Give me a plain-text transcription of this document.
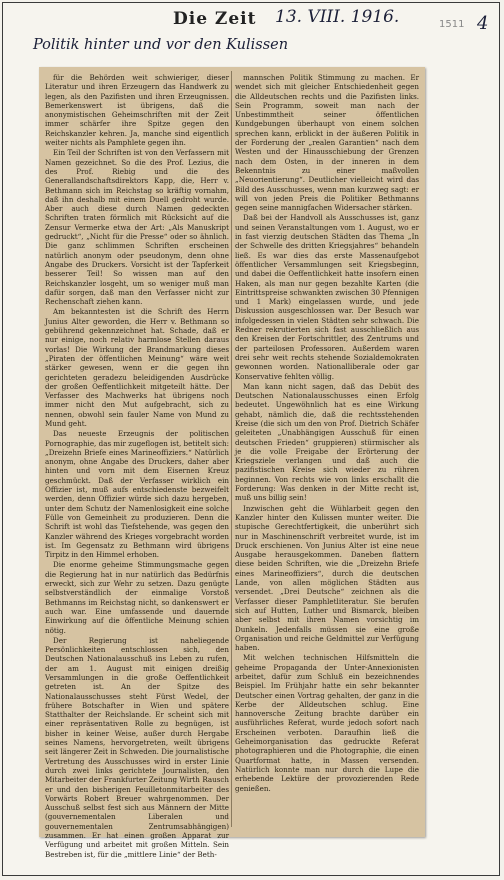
Die Zeit	13. VIII. 1916.	1511 4
Politik hinter und vor den Kulissen

für die Behörden weit schwieriger, dieser Literatur und ihren Erzeugern das Handwerk zu legen, als den Pazifisten und ihren Erzeugnissen. Bemerkenswert ist übrigens, daß die anonymistischen Geheimschriften mit der Zeit immer schärfer ihre Spitze gegen den Reichskanzler kehren. Ja, manche sind eigentlich weiter nichts als Pamphlete gegen ihn.

Ein Teil der Schriften ist von den Verfassern mit Namen gezeichnet. So die des Prof. Lezius, die des Prof. Riebig und die des Generallandschaftsdirektors Kapp, die, Herr v. Bethmann sich im Reichstag so kräftig vornahm, daß ihn deshalb mit einem Duell gedroht wurde. Aber auch diese durch Namen gedeckten Schriften traten förmlich mit Rücksicht auf die Zensur Vermerke etwa der Art: „Als Manuskript gedruckt“, „Nicht für die Presse“ oder so ähnlich. Die ganz schlimmen Schriften erscheinen natürlich anonym oder pseudonym, denn ohne Angabe des Druckers. Vorsicht ist der Tapferkeit besserer Teil! So wissen man auf den Reichskanzler losgeht, um so weniger muß man dafür sorgen, daß man den Verfasser nicht zur Rechenschaft ziehen kann.

Am bekanntesten ist die Schrift des Herrn Junius Alter geworden, die Herr v. Bethmann so gebührend gekennzeichnet hat. Schade, daß er nur einige, noch relativ harmlose Stellen daraus vorlas! Die Wirkung der Brandmarkung dieses „Piraten der öffentlichen Meinung“ wäre weit stärker gewesen, wenn er die gegen ihn gerichteten geradezu beleidigenden Ausdrücke der großen Oeffentlichkeit mitgeteilt hätte. Der Verfasser des Machwerks hat übrigens noch immer nicht den Mut aufgebracht, sich zu nennen, obwohl sein fauler Name von Mund zu Mund geht.

Das neueste Erzeugnis der politischen Pornographie, das mir zugeflogen ist, betitelt sich: „Dreizehn Briefe eines Marineoffiziers.“ Natürlich anonym, ohne Angabe des Druckers, daher aber hinten und vorn mit dem Eisernen Kreuz geschmückt. Daß der Verfasser wirklich ein Offizier ist, muß aufs entschiedenste bezweifelt werden, denn Offizier würde sich dazu hergeben, unter dem Schutz der Namenlosigkeit eine solche Fülle von Gemeinheit zu produzieren. Denn die Schrift ist wohl das Tiefstehende, was gegen den Kanzler während des Krieges vorgebracht worden ist. Im Gegensatz zu Bethmann wird übrigens Tirpitz in den Himmel erhoben.

Die enorme geheime Stimmungsmache gegen die Regierung hat in nur natürlich das Bedürfnis erweckt, sich zur Wehr zu setzen. Dazu genügte selbstverständlich der einmalige Vorstoß Bethmanns im Reichstag nicht, so dankenswert er auch war. Eine umfassende und dauernde Einwirkung auf die öffentliche Meinung schien nötig.

Der Regierung ist naheliegende Persönlichkeiten entschlossen sich, den Deutschen Nationalausschuß ins Leben zu rufen, der am 1. August mit einigen dreißig Versammlungen in die große Oeffentlichkeit getreten ist. An der Spitze des Nationalausschusses steht Fürst Wedel, der frühere Botschafter in Wien und spätere Statthalter der Reichslande. Er scheint sich mit einer repräsentativen Rolle zu begnügen, ist bisher in keiner Weise, außer durch Hergabe seines Namens, hervorgetreten, weilt übrigens seit längerer Zeit in Schweden. Die journalistische Vertretung des Ausschusses wird in erster Linie durch zwei links gerichtete Journalisten, den Mitarbeiter der Frankfurter Zeitung Wirth Rausch er und den bisherigen Feuilletonmitarbeiter des Vorwärts Robert Breuer wahrgenommen. Der Ausschuß selbst fest sich aus Männern der Mitte (gouvernementalen Liberalen und gouvernementalen Zentrumsabhängigen) zusammen. Er hat einen großen Apparat zur Verfügung und arbeitet mit großen Mitteln. Sein Bestreben ist, für die „mittlere Linie“ der Beth-

mannschen Politik Stimmung zu machen. Er wendet sich mit gleicher Entschiedenheit gegen die Alldeutschen rechts und die Pazifisten links. Sein Programm, soweit man nach der Unbestimmtheit seiner öffentlichen Kundgebungen überhaupt von einem solchen sprechen kann, erblickt in der äußeren Politik in der Forderung der „realen Garantien“ nach dem Westen und der Hinausschiebung der Grenzen nach dem Osten, in der inneren in dem Bekenntnis zu einer maßvollen „Neuorientierung“. Deutlicher vielleicht wird das Bild des Ausschusses, wenn man kurzweg sagt: er will von jeden Preis die Politiker Bethmanns gegen seine mannigfachen Widersacher stärken.

Daß bei der Handvoll als Ausschusses ist, ganz und seinen Veranstaltungen vom 1. August, wo er in fast vierzig deutschen Städten das Thema „In der Schwelle des dritten Kriegsjahres“ behandeln ließ. Es war dies das erste Massenaufgebot öffentlicher Versammlungen seit Kriegsbeginn, und dabei die Oeffentlichkeit hatte insofern einen Haken, als man nur gegen bezahlte Karten (die Eintrittspreise schwankten zwischen 30 Pfennigen und 1 Mark) eingelassen wurde, und jede Diskussion ausgeschlossen war. Der Besuch war infolgedessen in vielen Städten sehr schwach. Die Redner rekrutierten sich fast ausschließlich aus den Kreisen der Fortschrittler, des Zentrums und der parteilosen Professoren. Außerdem waren drei sehr weit rechts stehende Sozialdemokraten gewonnen worden. Nationalliberale oder gar Konservative fehlten völlig.

Man kann nicht sagen, daß das Debüt des Deutschen Nationalausschusses einen Erfolg bedeutet. Ungewöhnlich hat es eine Wirkung gehabt, nämlich die, daß die rechtsstehenden Kreise (die sich um den von Prof. Dietrich Schäfer geleiteten „Unabhängigen Ausschuß für einen deutschen Frieden“ gruppieren) stürmischer als je die volle Freigabe der Erörterung der Kriegsziele verlangen und daß auch die pazifistischen Kreise sich wieder zu rühren beginnen. Von rechts wie von links erschallt die Forderung: Was denken in der Mitte recht ist, muß uns billig sein!

Inzwischen geht die Wühlarbeit gegen den Kanzler hinter den Kulissen munter weiter. Die stupische Gerechtfertigkeit, die unberührt sich nur in Maschinenschrift verbreitet wurde, ist im Druck erschienen. Von Junius Alter ist eine neue Ausgabe herausgekommen. Daneben flattern diese beiden Schriften, wie die „Dreizehn Briefe eines Marineoffiziers“, durch die deutschen Lande, von allen möglichen Städten aus versendet. „Drei Deutsche“ zeichnen als die Verfasser dieser Pamphletliteratur. Sie berufen sich auf Hutten, Luther und Bismarck, bleiben aber selbst mit ihren Namen vorsichtig im Dunkeln. Jedenfalls müssen sie eine große Organisation und reiche Geldmittel zur Verfügung haben.

Mit welchen technischen Hilfsmitteln die geheime Propaganda der Unter-Annexionisten arbeitet, dafür zum Schluß ein bezeichnendes Beispiel. Im Frühjahr hatte ein sehr bekannter Deutscher einen Vortrag gehalten, der ganz in die Kerbe der Alldeutschen schlug. Eine hannoversche Zeitung brachte darüber ein ausführliches Referat, wurde jedoch sofort nach Erscheinen verboten. Daraufhin ließ die Geheimorganisation das gedruckte Referat photographieren und die Photographie, die einen Quartformat hatte, in Massen versenden. Natürlich konnte man nur durch die Lupe die erhebende Lektüre der provozierenden Rede genießen.
